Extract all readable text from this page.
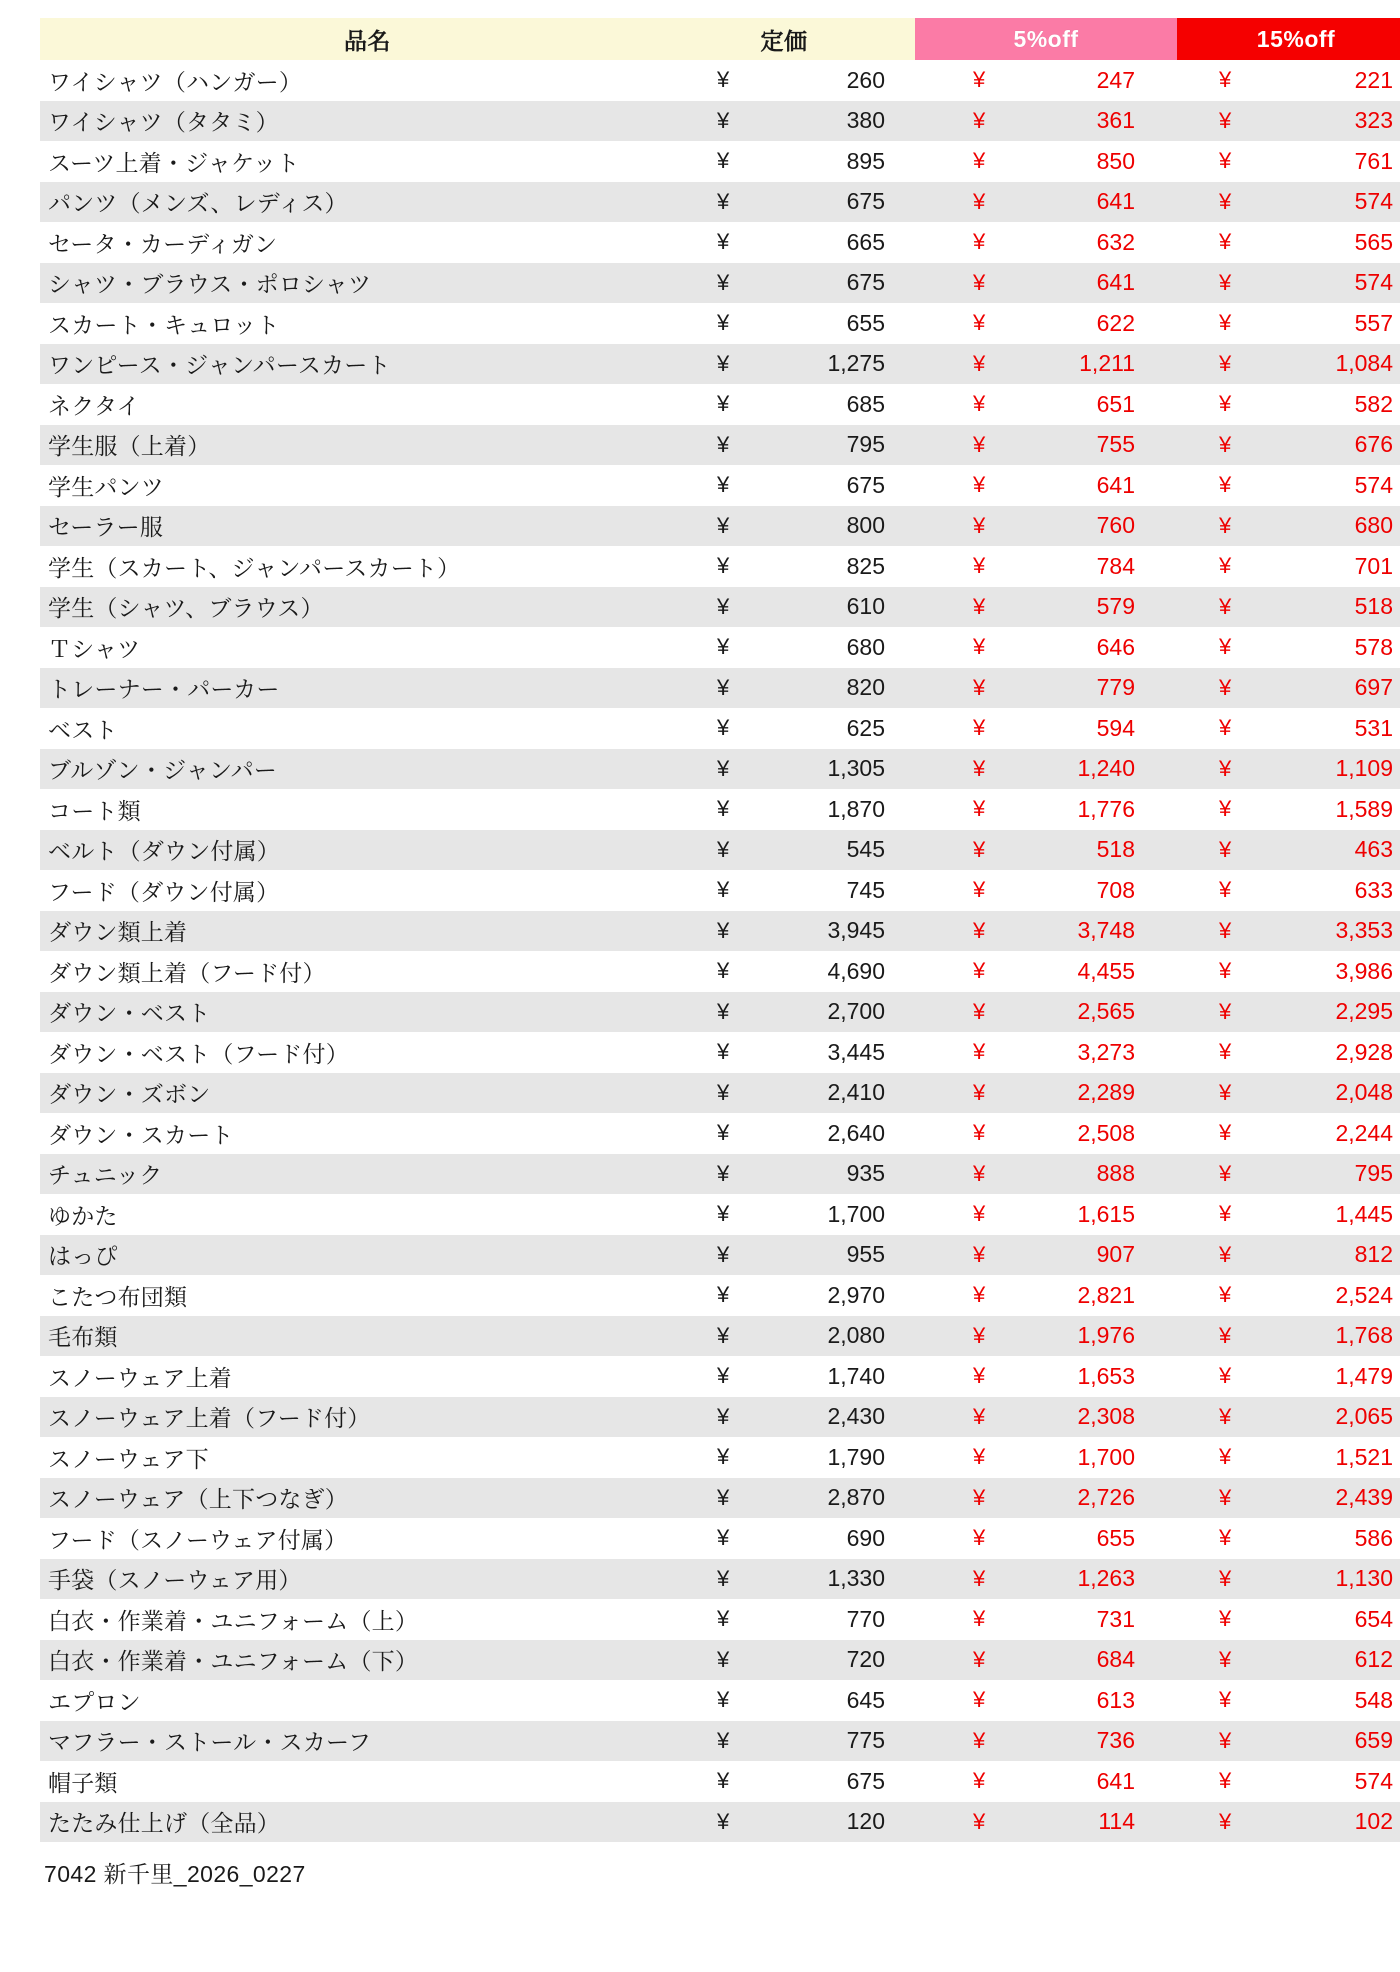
品名	定価	5%off	15%off
ワイシャツ（ハンガー）	¥ 260	¥ 247	¥ 221

ワイシャツ（タタミ）	¥ 380	¥ 361	¥ 323

スーツ上着・ジャケット	¥ 895	¥ 850	¥ 761

パンツ（メンズ、レディス）	¥ 675	¥ 641	¥ 574

セータ・カーディガン	¥ 665	¥ 632	¥ 565

シャツ・ブラウス・ポロシャツ	¥ 675	¥ 641	¥ 574

スカート・キュロット	¥ 655	¥ 622	¥ 557

ワンピース・ジャンパースカート	¥ 1,275	¥ 1,211	¥ 1,084

ネクタイ	¥ 685	¥ 651	¥ 582

学生服（上着）	¥ 795	¥ 755	¥ 676

学生パンツ	¥ 675	¥ 641	¥ 574

セーラー服	¥ 800	¥ 760	¥ 680

学生（スカート、ジャンパースカート）	¥ 825	¥ 784	¥ 701

学生（シャツ、ブラウス）	¥ 610	¥ 579	¥ 518

Ｔシャツ	¥ 680	¥ 646	¥ 578

トレーナー・パーカー	¥ 820	¥ 779	¥ 697

ベスト	¥ 625	¥ 594	¥ 531

ブルゾン・ジャンパー	¥ 1,305	¥ 1,240	¥ 1,109

コート類	¥ 1,870	¥ 1,776	¥ 1,589

ベルト（ダウン付属）	¥ 545	¥ 518	¥ 463

フード（ダウン付属）	¥ 745	¥ 708	¥ 633

ダウン類上着	¥ 3,945	¥ 3,748	¥ 3,353

ダウン類上着（フード付）	¥ 4,690	¥ 4,455	¥ 3,986

ダウン・ベスト	¥ 2,700	¥ 2,565	¥ 2,295

ダウン・ベスト（フード付）	¥ 3,445	¥ 3,273	¥ 2,928

ダウン・ズボン	¥ 2,410	¥ 2,289	¥ 2,048

ダウン・スカート	¥ 2,640	¥ 2,508	¥ 2,244

チュニック	¥ 935	¥ 888	¥ 795

ゆかた	¥ 1,700	¥ 1,615	¥ 1,445

はっぴ	¥ 955	¥ 907	¥ 812

こたつ布団類	¥ 2,970	¥ 2,821	¥ 2,524

毛布類	¥ 2,080	¥ 1,976	¥ 1,768

スノーウェア上着	¥ 1,740	¥ 1,653	¥ 1,479

スノーウェア上着（フード付）	¥ 2,430	¥ 2,308	¥ 2,065

スノーウェア下	¥ 1,790	¥ 1,700	¥ 1,521

スノーウェア（上下つなぎ）	¥ 2,870	¥ 2,726	¥ 2,439

フード（スノーウェア付属）	¥ 690	¥ 655	¥ 586

手袋（スノーウェア用）	¥ 1,330	¥ 1,263	¥ 1,130

白衣・作業着・ユニフォーム（上）	¥ 770	¥ 731	¥ 654

白衣・作業着・ユニフォーム（下）	¥ 720	¥ 684	¥ 612

エプロン	¥ 645	¥ 613	¥ 548

マフラー・ストール・スカーフ	¥ 775	¥ 736	¥ 659

帽子類	¥ 675	¥ 641	¥ 574

たたみ仕上げ（全品）	¥ 120	¥ 114	¥ 102
7042 新千里_2026_0227
